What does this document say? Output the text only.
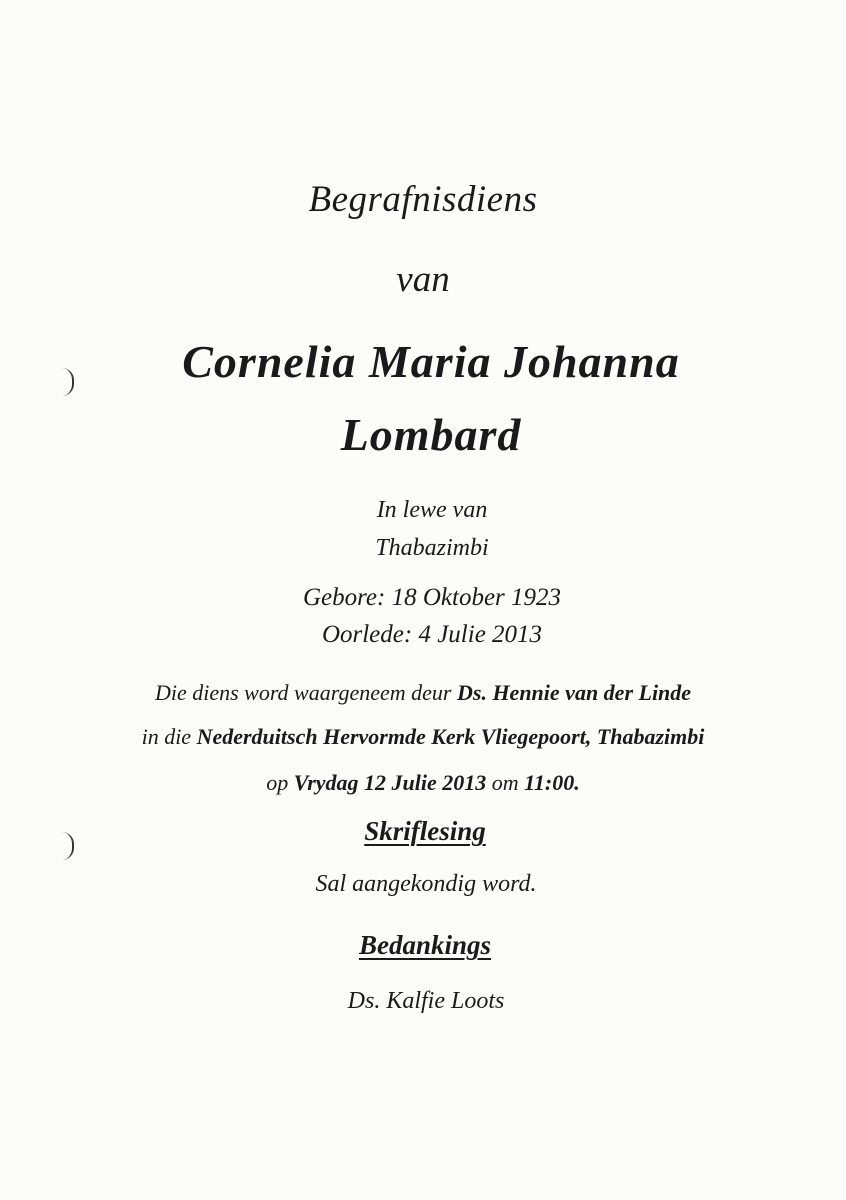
Begrafnisdiens
van
Cornelia Maria Johanna
Lombard
In lewe van
Thabazimbi
Gebore: 18 Oktober 1923
Oorlede: 4 Julie 2013
Die diens word waargeneem deur Ds. Hennie van der Linde
in die Nederduitsch Hervormde Kerk Vliegepoort, Thabazimbi
op Vrydag 12 Julie 2013 om 11:00.
Skriflesing
Sal aangekondig word.
Bedankings
Ds. Kalfie Loots
